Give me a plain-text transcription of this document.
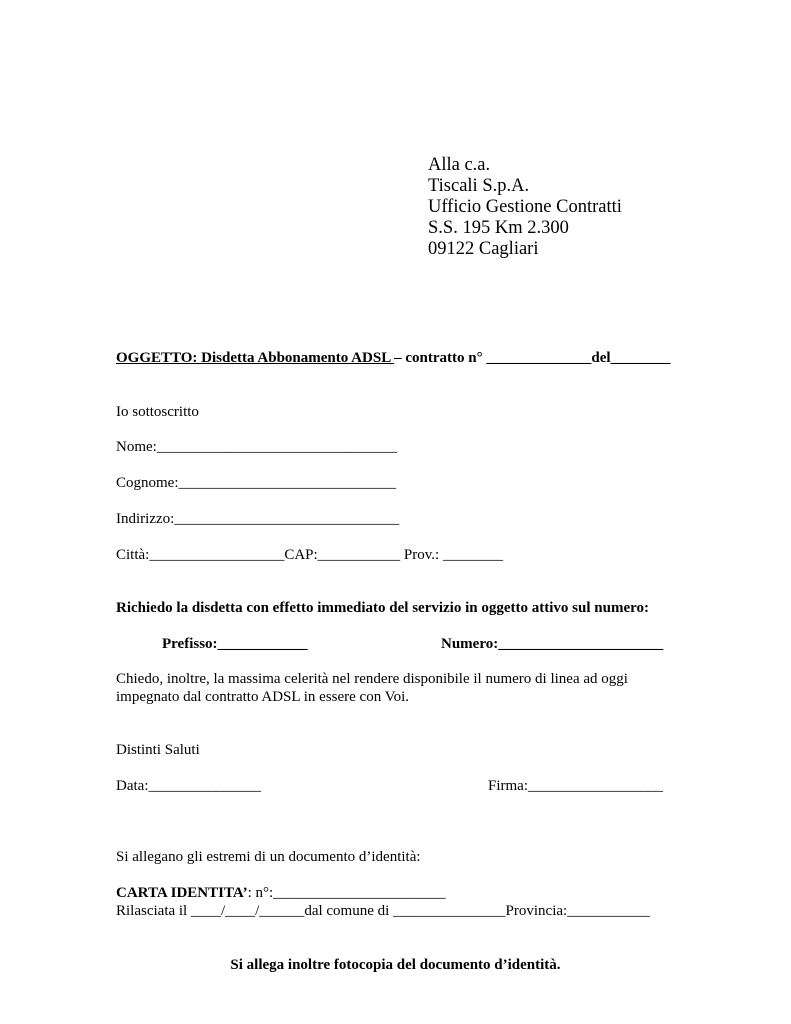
Alla c.a.
Tiscali S.p.A.
Ufficio Gestione Contratti
S.S. 195 Km 2.300
09122 Cagliari
OGGETTO: Disdetta Abbonamento ADSL – contratto n° ______________del________
Io sottoscritto
Nome:________________________________
Cognome:_____________________________
Indirizzo:______________________________
Città:__________________CAP:___________ Prov.: ________
Richiedo la disdetta con effetto immediato del servizio in oggetto attivo sul numero:
Prefisso:____________	Numero:______________________
Chiedo, inoltre, la massima celerità nel rendere disponibile il numero di linea ad oggi
impegnato dal contratto ADSL in essere con Voi.
Distinti Saluti
Data:_______________	Firma:__________________
Si allegano gli estremi di un documento d’identità:
CARTA IDENTITA’: n°:_______________________
Rilasciata il ____/____/______dal comune di _______________Provincia:___________
Si allega inoltre fotocopia del documento d’identità.
